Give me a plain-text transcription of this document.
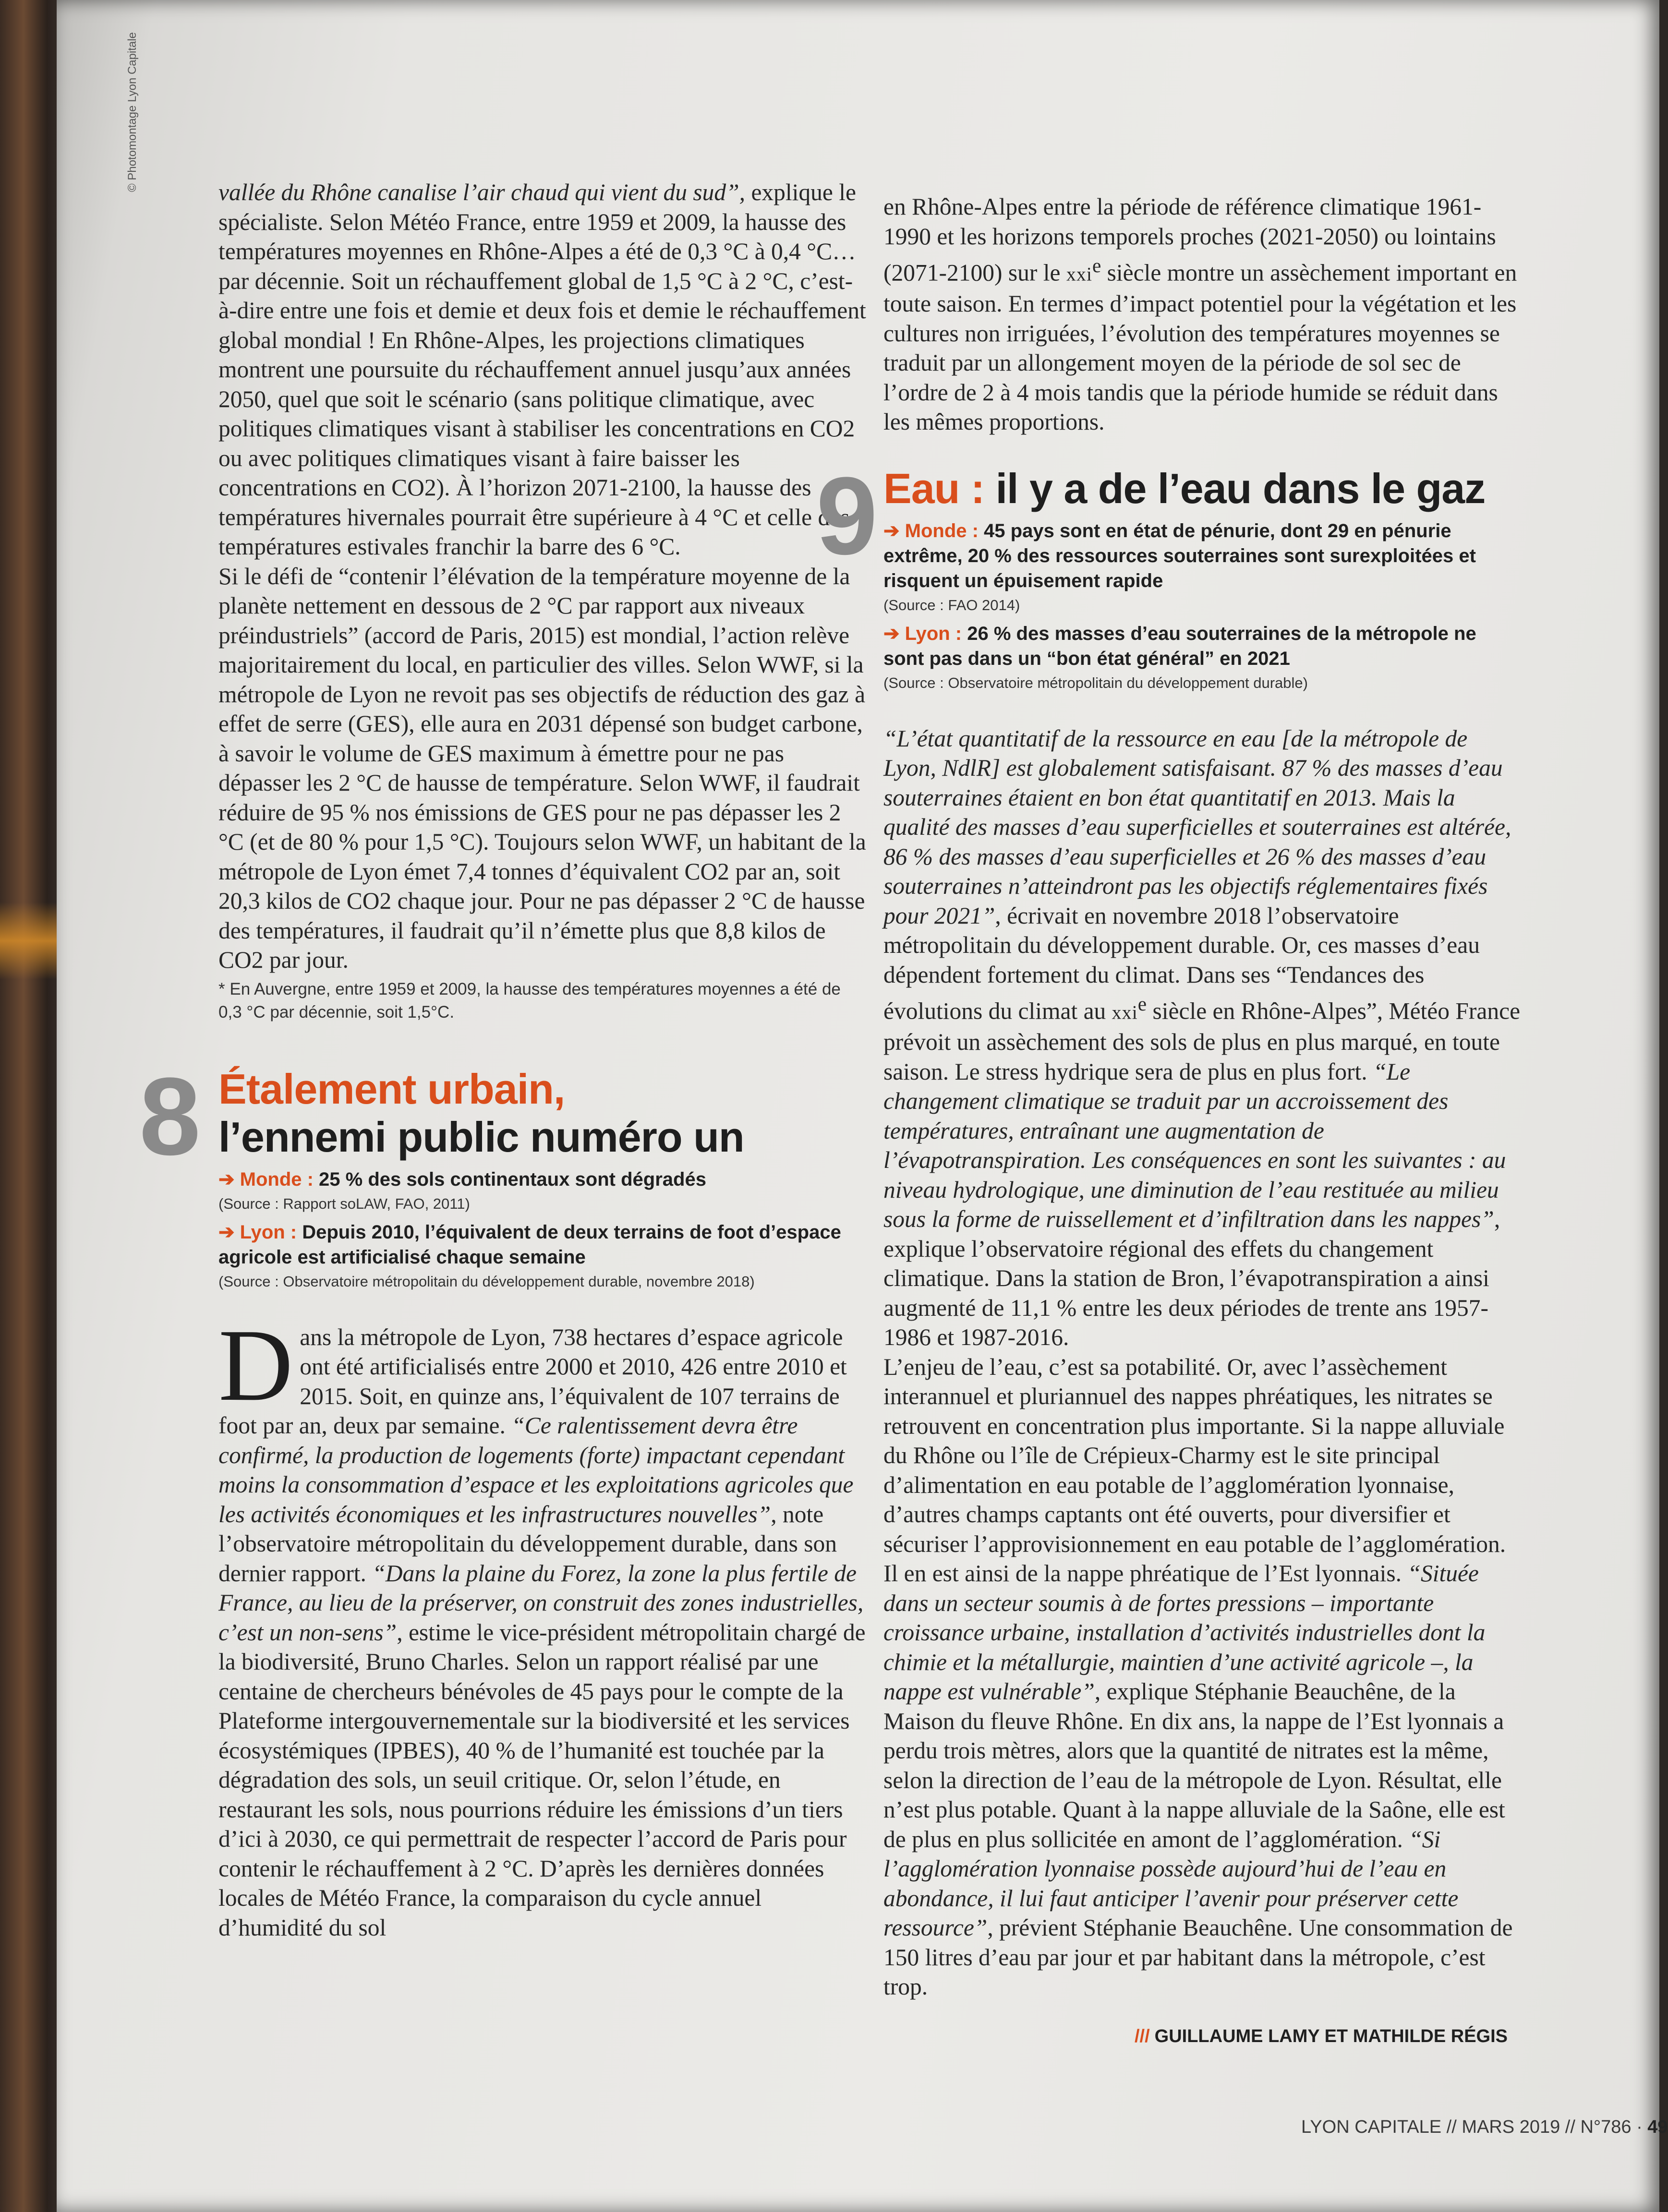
© Photomontage Lyon Capitale

vallée du Rhône canalise l’air chaud qui vient du sud”, explique le spécialiste. Selon Météo France, entre 1959 et 2009, la hausse des températures moyennes en Rhône-Alpes a été de 0,3 °C à 0,4 °C… par décennie. Soit un réchauffement global de 1,5 °C à 2 °C, c’est-à-dire entre une fois et demie et deux fois et demie le réchauffement global mondial ! En Rhône-Alpes, les projections climatiques montrent une poursuite du réchauffement annuel jusqu’aux années 2050, quel que soit le scénario (sans politique climatique, avec politiques climatiques visant à stabiliser les concentrations en CO2 ou avec politiques climatiques visant à faire baisser les concentrations en CO2). À l’horizon 2071-2100, la hausse des températures hivernales pourrait être supérieure à 4 °C et celle des températures estivales franchir la barre des 6 °C.

Si le défi de “contenir l’élévation de la température moyenne de la planète nettement en dessous de 2 °C par rapport aux niveaux préindustriels” (accord de Paris, 2015) est mondial, l’action relève majoritairement du local, en particulier des villes. Selon WWF, si la métropole de Lyon ne revoit pas ses objectifs de réduction des gaz à effet de serre (GES), elle aura en 2031 dépensé son budget carbone, à savoir le volume de GES maximum à émettre pour ne pas dépasser les 2 °C de hausse de température. Selon WWF, il faudrait réduire de 95 % nos émissions de GES pour ne pas dépasser les 2 °C (et de 80 % pour 1,5 °C). Toujours selon WWF, un habitant de la métropole de Lyon émet 7,4 tonnes d’équivalent CO2 par an, soit 20,3 kilos de CO2 chaque jour. Pour ne pas dépasser 2 °C de hausse des températures, il faudrait qu’il n’émette plus que 8,8 kilos de CO2 par jour.

* En Auvergne, entre 1959 et 2009, la hausse des températures moyennes a été de 0,3 °C par décennie, soit 1,5°C.

8 Étalement urbain,
l’ennemi public numéro un

➔ Monde : 25 % des sols continentaux sont dégradés

(Source : Rapport soLAW, FAO, 2011)

➔ Lyon : Depuis 2010, l’équivalent de deux terrains de foot d’espace agricole est artificialisé chaque semaine

(Source : Observatoire métropolitain du développement durable, novembre 2018)

Dans la métropole de Lyon, 738 hectares d’espace agricole ont été artificialisés entre 2000 et 2010, 426 entre 2010 et 2015. Soit, en quinze ans, l’équivalent de 107 terrains de foot par an, deux par semaine. “Ce ralentissement devra être confirmé, la production de logements (forte) impactant cependant moins la consommation d’espace et les exploitations agricoles que les activités économiques et les infrastructures nouvelles”, note l’observatoire métropolitain du développement durable, dans son dernier rapport. “Dans la plaine du Forez, la zone la plus fertile de France, au lieu de la préserver, on construit des zones industrielles, c’est un non-sens”, estime le vice-président métropolitain chargé de la biodiversité, Bruno Charles. Selon un rapport réalisé par une centaine de chercheurs bénévoles de 45 pays pour le compte de la Plateforme intergouvernementale sur la biodiversité et les services écosystémiques (IPBES), 40 % de l’humanité est touchée par la dégradation des sols, un seuil critique. Or, selon l’étude, en restaurant les sols, nous pourrions réduire les émissions d’un tiers d’ici à 2030, ce qui permettrait de respecter l’accord de Paris pour contenir le réchauffement à 2 °C. D’après les dernières données locales de Météo France, la comparaison du cycle annuel d’humidité du sol

en Rhône-Alpes entre la période de référence climatique 1961-1990 et les horizons temporels proches (2021-2050) ou lointains (2071-2100) sur le xxi$^e$ siècle montre un assèchement important en toute saison. En termes d’impact potentiel pour la végétation et les cultures non irriguées, l’évolution des températures moyennes se traduit par un allongement moyen de la période de sol sec de l’ordre de 2 à 4 mois tandis que la période humide se réduit dans les mêmes proportions.

9 Eau : il y a de l’eau dans le gaz

➔ Monde : 45 pays sont en état de pénurie, dont 29 en pénurie extrême, 20 % des ressources souterraines sont surexploitées et risquent un épuisement rapide

(Source : FAO 2014)

➔ Lyon : 26 % des masses d’eau souterraines de la métropole ne sont pas dans un “bon état général” en 2021

(Source : Observatoire métropolitain du développement durable)

“L’état quantitatif de la ressource en eau [de la métropole de Lyon, NdlR] est globalement satisfaisant. 87 % des masses d’eau souterraines étaient en bon état quantitatif en 2013. Mais la qualité des masses d’eau superficielles et souterraines est altérée, 86 % des masses d’eau superficielles et 26 % des masses d’eau souterraines n’atteindront pas les objectifs réglementaires fixés pour 2021”, écrivait en novembre 2018 l’observatoire métropolitain du développement durable. Or, ces masses d’eau dépendent fortement du climat. Dans ses “Tendances des évolutions du climat au xxi$^e$ siècle en Rhône-Alpes”, Météo France prévoit un assèchement des sols de plus en plus marqué, en toute saison. Le stress hydrique sera de plus en plus fort. “Le changement climatique se traduit par un accroissement des températures, entraînant une augmentation de l’évapotranspiration. Les conséquences en sont les suivantes : au niveau hydrologique, une diminution de l’eau restituée au milieu sous la forme de ruissellement et d’infiltration dans les nappes”, explique l’observatoire régional des effets du changement climatique. Dans la station de Bron, l’évapotranspiration a ainsi augmenté de 11,1 % entre les deux périodes de trente ans 1957-1986 et 1987-2016.

L’enjeu de l’eau, c’est sa potabilité. Or, avec l’assèchement interannuel et pluriannuel des nappes phréatiques, les nitrates se retrouvent en concentration plus importante. Si la nappe alluviale du Rhône ou l’île de Crépieux-Charmy est le site principal d’alimentation en eau potable de l’agglomération lyonnaise, d’autres champs captants ont été ouverts, pour diversifier et sécuriser l’approvisionnement en eau potable de l’agglomération. Il en est ainsi de la nappe phréatique de l’Est lyonnais. “Située dans un secteur soumis à de fortes pressions – importante croissance urbaine, installation d’activités industrielles dont la chimie et la métallurgie, maintien d’une activité agricole –, la nappe est vulnérable”, explique Stéphanie Beauchêne, de la Maison du fleuve Rhône. En dix ans, la nappe de l’Est lyonnais a perdu trois mètres, alors que la quantité de nitrates est la même, selon la direction de l’eau de la métropole de Lyon. Résultat, elle n’est plus potable. Quant à la nappe alluviale de la Saône, elle est de plus en plus sollicitée en amont de l’agglomération. “Si l’agglomération lyonnaise possède aujourd’hui de l’eau en abondance, il lui faut anticiper l’avenir pour préserver cette ressource”, prévient Stéphanie Beauchêne. Une consommation de 150 litres d’eau par jour et par habitant dans la métropole, c’est trop.

/// GUILLAUME LAMY ET MATHILDE RÉGIS

LYON CAPITALE // MARS 2019 // N°786 · 49
